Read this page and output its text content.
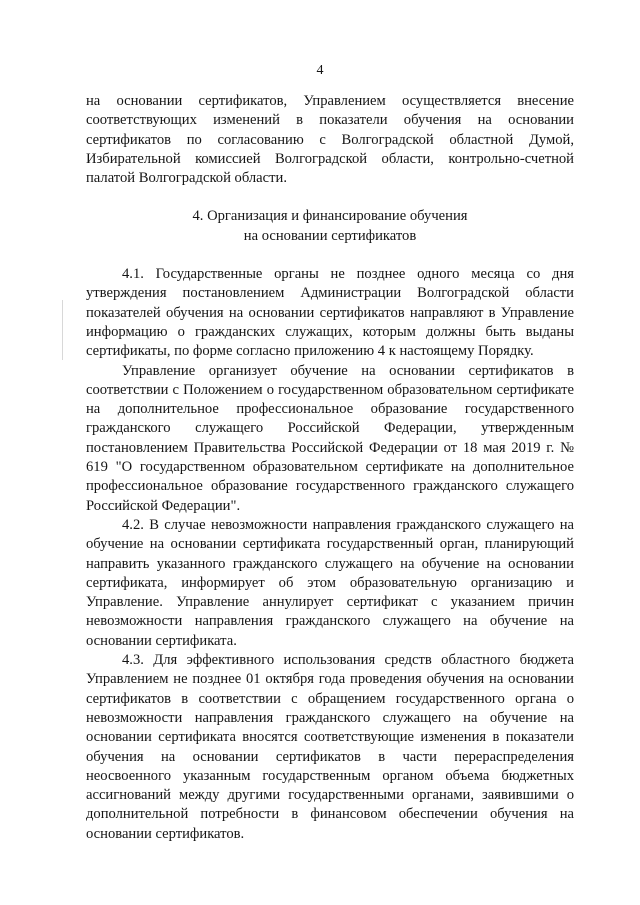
4

на основании сертификатов, Управлением осуществляется внесение соответствующих изменений в показатели обучения на основании сертификатов по согласованию с Волгоградской областной Думой, Избирательной комиссией Волгоградской области, контрольно-счетной палатой Волгоградской области.

4. Организация и финансирование обучения
на основании сертификатов

4.1. Государственные органы не позднее одного месяца со дня утверждения постановлением Администрации Волгоградской области показателей обучения на основании сертификатов направляют в Управление информацию о гражданских служащих, которым должны быть выданы сертификаты, по форме согласно приложению 4 к настоящему Порядку.

Управление организует обучение на основании сертификатов в соответствии с Положением о государственном образовательном сертификате на дополнительное профессиональное образование государственного гражданского служащего Российской Федерации, утвержденным постановлением Правительства Российской Федерации от 18 мая 2019 г. № 619 "О государственном образовательном сертификате на дополнительное профессиональное образование государственного гражданского служащего Российской Федерации".

4.2. В случае невозможности направления гражданского служащего на обучение на основании сертификата государственный орган, планирующий направить указанного гражданского служащего на обучение на основании сертификата, информирует об этом образовательную организацию и Управление. Управление аннулирует сертификат с указанием причин невозможности направления гражданского служащего на обучение на основании сертификата.

4.3. Для эффективного использования средств областного бюджета Управлением не позднее 01 октября года проведения обучения на основании сертификатов в соответствии с обращением государственного органа о невозможности направления гражданского служащего на обучение на основании сертификата вносятся соответствующие изменения в показатели обучения на основании сертификатов в части перераспределения неосвоенного указанным государственным органом объема бюджетных ассигнований между другими государственными органами, заявившими о дополнительной потребности в финансовом обеспечении обучения на основании сертификатов.
